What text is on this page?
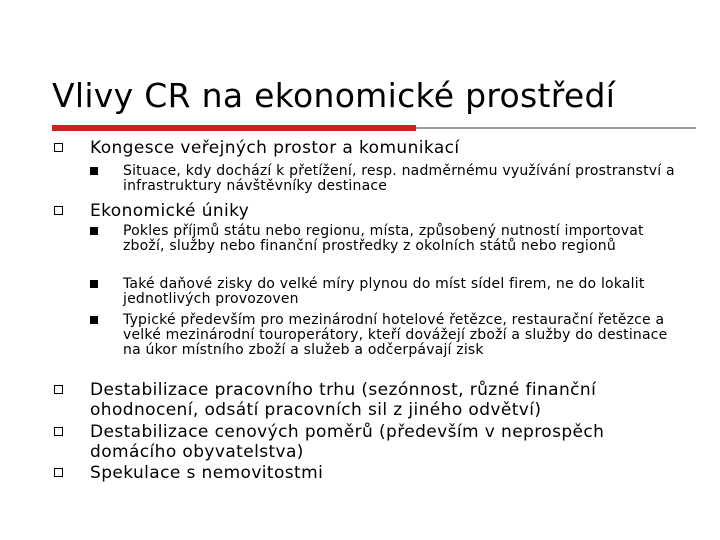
Vlivy CR na ekonomické prostředí
Kongesce veřejných prostor a komunikací
Situace, kdy dochází k přetížení, resp. nadměrnému využívání prostranství a infrastruktury návštěvníky destinace
Ekonomické úniky
Pokles příjmů státu nebo regionu, místa, způsobený nutností importovat zboží, služby nebo finanční prostředky z okolních států nebo regionů
Také daňové zisky do velké míry plynou do míst sídel firem, ne do lokalit jednotlivých provozoven
Typické především pro mezinárodní hotelové řetězce, restaurační řetězce a velké mezinárodní touroperátory, kteří dovážejí zboží a služby do destinace na úkor místního zboží a služeb a odčerpávají zisk
Destabilizace pracovního trhu (sezónnost, různé finanční ohodnocení, odsátí pracovních sil z jiného odvětví)
Destabilizace cenových poměrů (především v neprospěch domácího obyvatelstva)
Spekulace s nemovitostmi
